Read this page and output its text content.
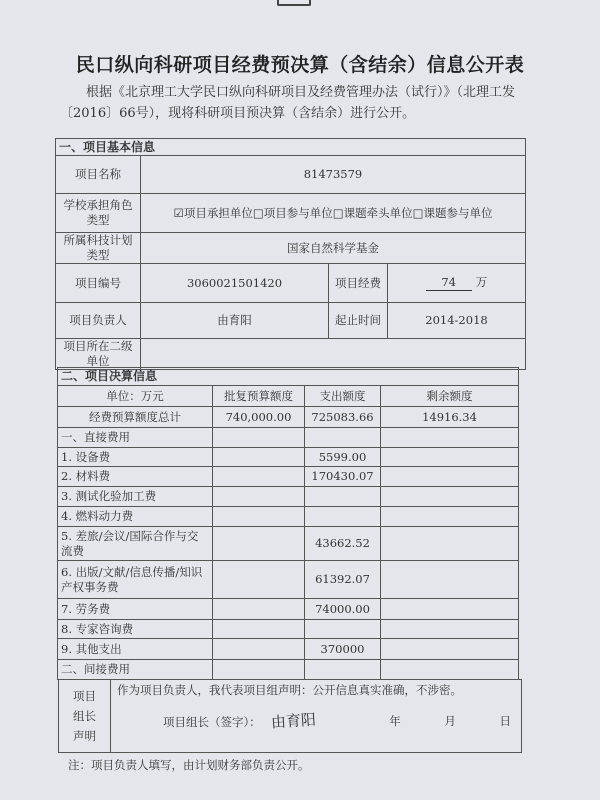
民口纵向科研项目经费预决算（含结余）信息公开表
根据《北京理工大学民口纵向科研项目及经费管理办法（试行）》（北理工发〔2016〕66号），现将科研项目预决算（含结余）进行公开。
一、项目基本信息			
项目名称	81473579		
学校承担角色类型	☑项目承担单位□项目参与单位□课题牵头单位□课题参与单位		
所属科技计划类型	国家自然科学基金		
项目编号	3060021501420	项目经费	74 万
项目负责人	由育阳	起止时间	2014-2018
项目所在二级单位			
二、项目决算信息			
单位：万元	批复预算额度	支出额度	剩余额度
经费预算额度总计	740,000.00	725083.66	14916.34
一、直接费用			
1. 设备费		5599.00	
2. 材料费		170430.07	
3. 测试化验加工费			
4. 燃料动力费			
5. 差旅/会议/国际合作与交流费		43662.52	
6. 出版/文献/信息传播/知识产权事务费		61392.07	
7. 劳务费		74000.00	
8. 专家咨询费			
9. 其他支出		370000	
二、间接费用			
项目组长声明	
作为项目负责人，我代表项目组声明：公开信息真实准确，不涉密。
项目组长（签字）： 由育阳	年 月 日
注：项目负责人填写，由计划财务部负责公开。
